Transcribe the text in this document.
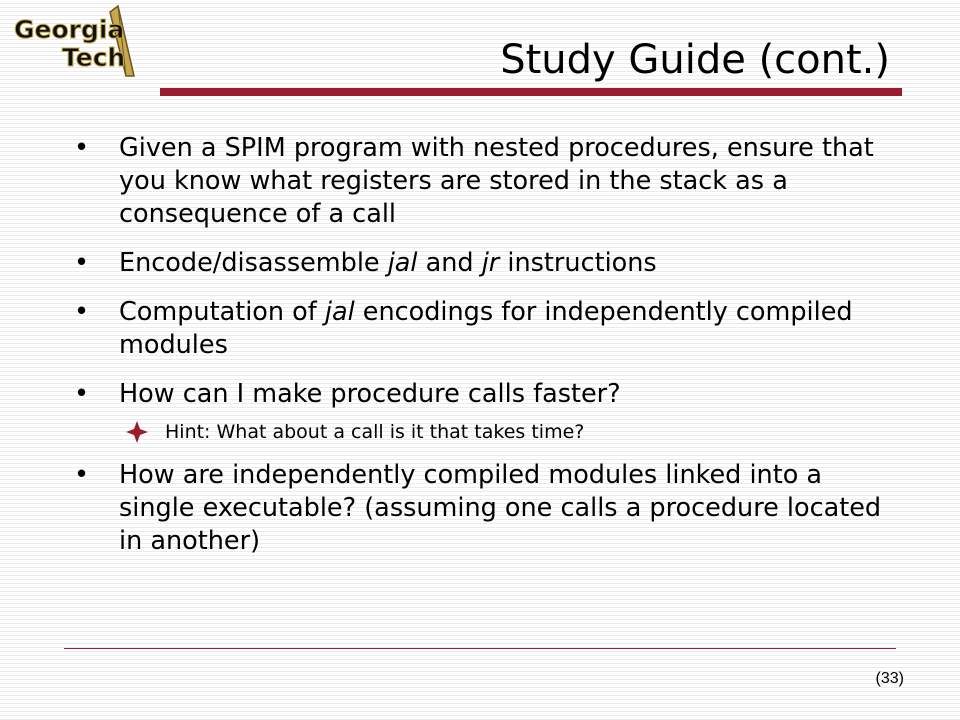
Georgia
Tech	Study Guide (cont.)
• Given a SPIM program with nested procedures, ensure that you know what registers are stored in the stack as a consequence of a call
• Encode/disassemble jal and jr instructions
• Computation of jal encodings for independently compiled modules
• How can I make procedure calls faster?
Hint: What about a call is it that takes time?
• How are independently compiled modules linked into a single executable? (assuming one calls a procedure located in another)
(33)
